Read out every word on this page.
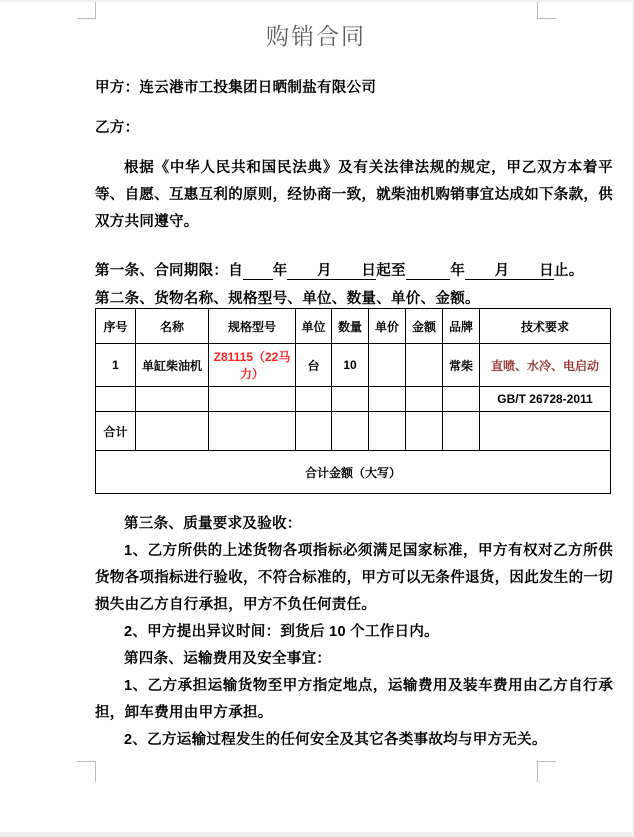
购销合同
甲方：连云港市工投集团日晒制盐有限公司
乙方：
根据《中华人民共和国民法典》及有关法律法规的规定，甲乙双方本着平等、自愿、互惠互利的原则，经协商一致，就柴油机购销事宜达成如下条款，供双方共同遵守。
第一条、合同期限：自　　 年　　月　　日起至　　　	年　　月　　日止。
第二条、货物名称、规格型号、单位、数量、单价、金额。
序号	名称	规格型号	单位	数量	单价	金额	品牌	技术要求
1	单缸柴油机	Z81115（22马力）	台	10			常柴	直喷、水冷、电启动
								GB/T 26728-2011
合计								
合计金额（大写）								

第三条、质量要求及验收：

1、乙方所供的上述货物各项指标必须满足国家标准，甲方有权对乙方所供货物各项指标进行验收，不符合标准的，甲方可以无条件退货，因此发生的一切损失由乙方自行承担，甲方不负任何责任。

2、甲方提出异议时间：到货后 10 个工作日内。

第四条、运输费用及安全事宜：

1、乙方承担运输货物至甲方指定地点，运输费用及装车费用由乙方自行承担，卸车费用由甲方承担。

2、乙方运输过程发生的任何安全及其它各类事故均与甲方无关。
